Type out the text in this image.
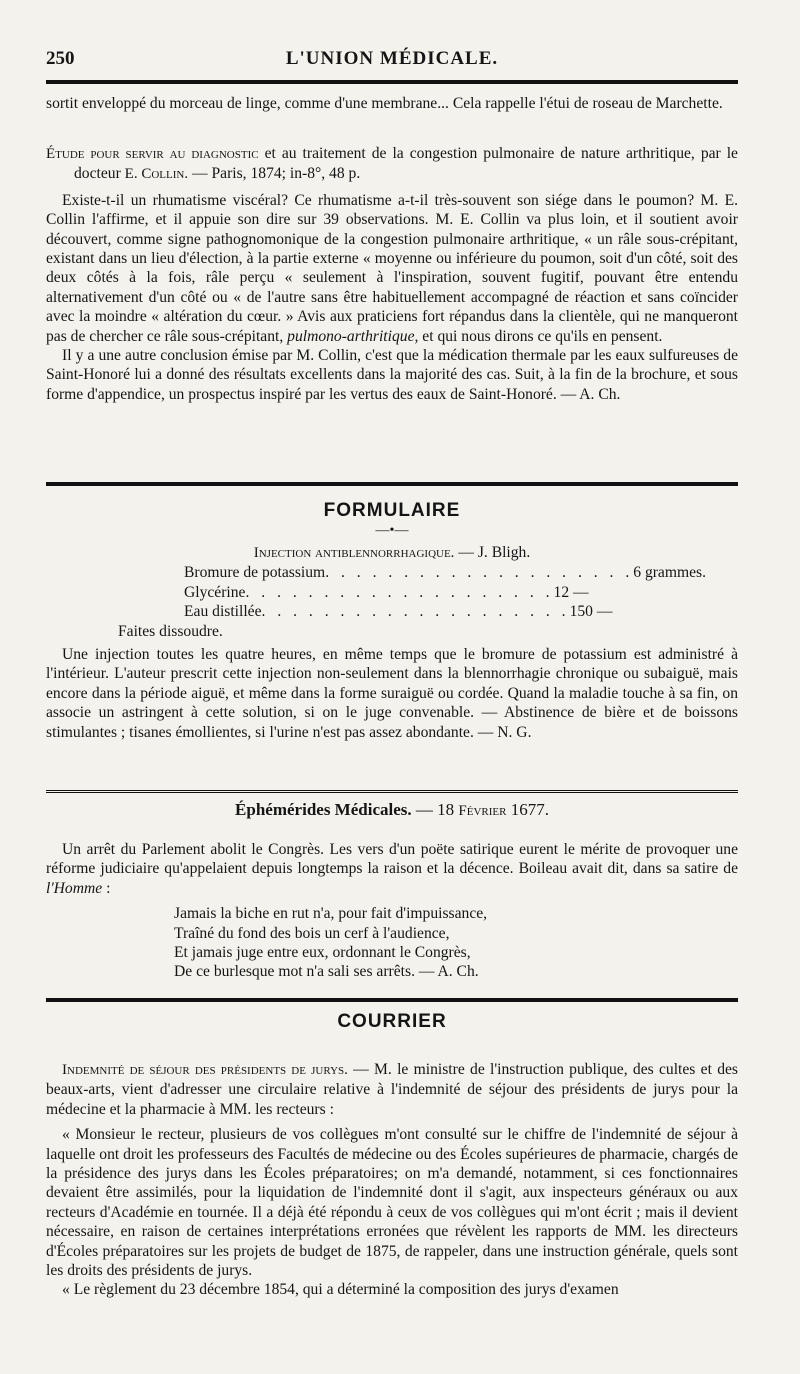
250	L'UNION MÉDICALE.

sortit enveloppé du morceau de linge, comme d'une membrane... Cela rappelle l'étui de roseau de Marchette.

Étude pour servir au diagnostic et au traitement de la congestion pulmonaire de nature arthritique, par le docteur E. Collin. — Paris, 1874; in-8°, 48 p.

Existe-t-il un rhumatisme viscéral? Ce rhumatisme a-t-il très-souvent son siége dans le poumon? M. E. Collin l'affirme, et il appuie son dire sur 39 observations. M. E. Collin va plus loin, et il soutient avoir découvert, comme signe pathognomonique de la congestion pulmonaire arthritique, « un râle sous-crépitant, existant dans un lieu d'élection, à la partie externe « moyenne ou inférieure du poumon, soit d'un côté, soit des deux côtés à la fois, râle perçu « seulement à l'inspiration, souvent fugitif, pouvant être entendu alternativement d'un côté ou « de l'autre sans être habituellement accompagné de réaction et sans coïncider avec la moindre « altération du cœur. » Avis aux praticiens fort répandus dans la clientèle, qui ne manqueront pas de chercher ce râle sous-crépitant, pulmono-arthritique, et qui nous dirons ce qu'ils en pensent.

Il y a une autre conclusion émise par M. Collin, c'est que la médication thermale par les eaux sulfureuses de Saint-Honoré lui a donné des résultats excellents dans la majorité des cas. Suit, à la fin de la brochure, et sous forme d'appendice, un prospectus inspiré par les vertus des eaux de Saint-Honoré. — A. Ch.

FORMULAIRE
—•—

Injection antiblennorrhagique. — J. Bligh.

Bromure de potassium . . . . . . . . . . . . . . . . . . . . 6 grammes.
Glycérine . . . . . . . . . . . . . . . . . . . . 12 —
Eau distillée . . . . . . . . . . . . . . . . . . . . 150 —

Faites dissoudre.

Une injection toutes les quatre heures, en même temps que le bromure de potassium est administré à l'intérieur. L'auteur prescrit cette injection non-seulement dans la blennorrhagie chronique ou subaiguë, mais encore dans la période aiguë, et même dans la forme suraiguë ou cordée. Quand la maladie touche à sa fin, on associe un astringent à cette solution, si on le juge convenable. — Abstinence de bière et de boissons stimulantes ; tisanes émollientes, si l'urine n'est pas assez abondante. — N. G.

Éphémérides Médicales. — 18 Février 1677.

Un arrêt du Parlement abolit le Congrès. Les vers d'un poëte satirique eurent le mérite de provoquer une réforme judiciaire qu'appelaient depuis longtemps la raison et la décence. Boileau avait dit, dans sa satire de l'Homme :

Jamais la biche en rut n'a, pour fait d'impuissance,
Traîné du fond des bois un cerf à l'audience,
Et jamais juge entre eux, ordonnant le Congrès,
De ce burlesque mot n'a sali ses arrêts. — A. Ch.
COURRIER

Indemnité de séjour des présidents de jurys. — M. le ministre de l'instruction publique, des cultes et des beaux-arts, vient d'adresser une circulaire relative à l'indemnité de séjour des présidents de jurys pour la médecine et la pharmacie à MM. les recteurs :

« Monsieur le recteur, plusieurs de vos collègues m'ont consulté sur le chiffre de l'indemnité de séjour à laquelle ont droit les professeurs des Facultés de médecine ou des Écoles supérieures de pharmacie, chargés de la présidence des jurys dans les Écoles préparatoires; on m'a demandé, notamment, si ces fonctionnaires devaient être assimilés, pour la liquidation de l'indemnité dont il s'agit, aux inspecteurs généraux ou aux recteurs d'Académie en tournée. Il a déjà été répondu à ceux de vos collègues qui m'ont écrit ; mais il devient nécessaire, en raison de certaines interprétations erronées que révèlent les rapports de MM. les directeurs d'Écoles préparatoires sur les projets de budget de 1875, de rappeler, dans une instruction générale, quels sont les droits des présidents de jurys.

« Le règlement du 23 décembre 1854, qui a déterminé la composition des jurys d'examen
